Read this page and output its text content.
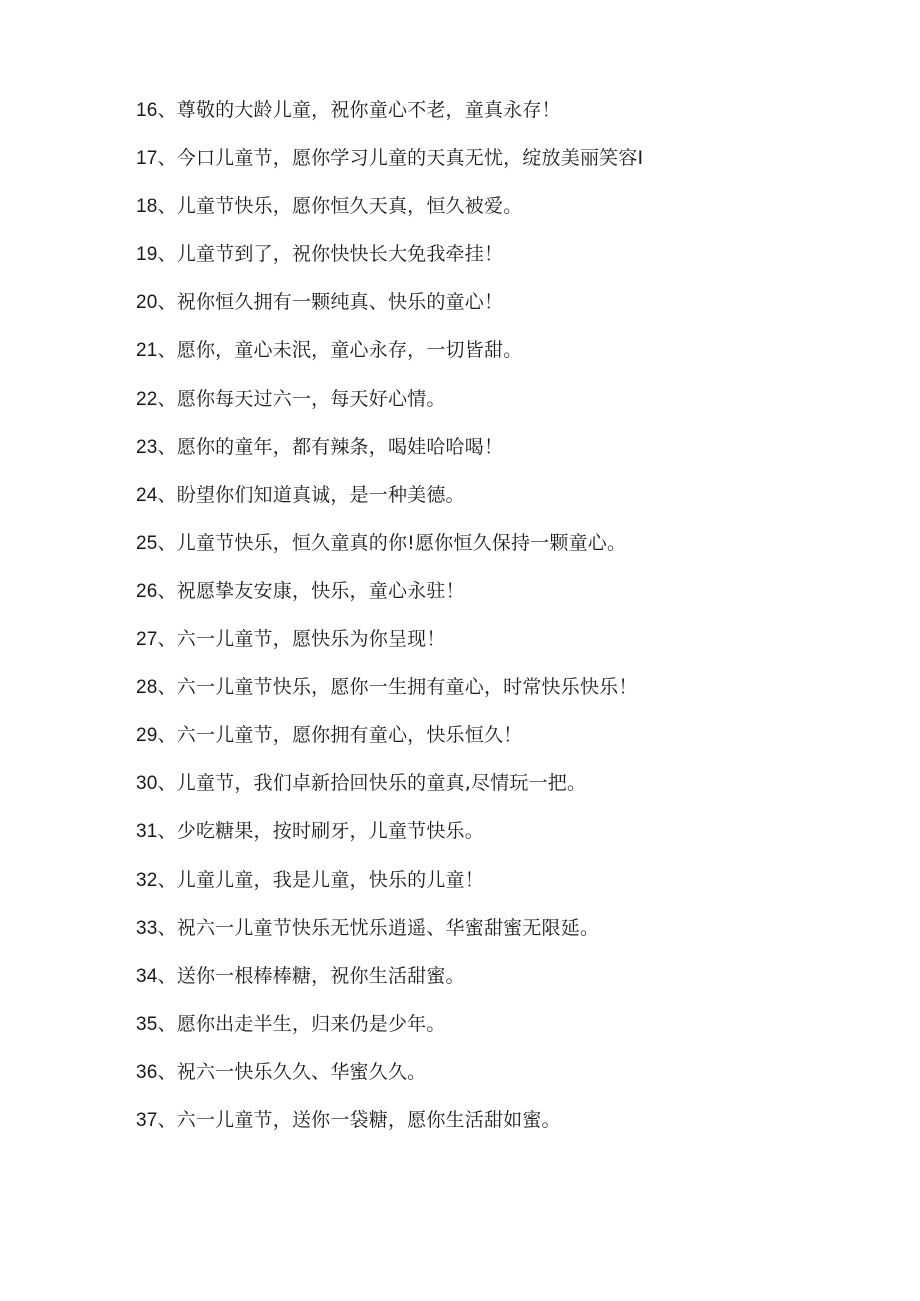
16、尊敬的大龄儿童，祝你童心不老，童真永存！
17、今口儿童节，愿你学习儿童的天真无忧，绽放美丽笑容I
18、儿童节快乐，愿你恒久天真，恒久被爱。
19、儿童节到了，祝你快快长大免我牵挂！
20、祝你恒久拥有一颗纯真、快乐的童心！
21、愿你，童心未泯，童心永存，一切皆甜。
22、愿你每天过六一，每天好心情。
23、愿你的童年，都有辣条，喝娃哈哈喝！
24、盼望你们知道真诚，是一种美德。
25、儿童节快乐，恒久童真的你!愿你恒久保持一颗童心。
26、祝愿挚友安康，快乐，童心永驻！
27、六一儿童节，愿快乐为你呈现！
28、六一儿童节快乐，愿你一生拥有童心，时常快乐快乐！
29、六一儿童节，愿你拥有童心，快乐恒久！
30、儿童节，我们卓新拾回快乐的童真,尽情玩一把。
31、少吃糖果，按时刷牙，儿童节快乐。
32、儿童儿童，我是儿童，快乐的儿童！
33、祝六一儿童节快乐无忧乐逍遥、华蜜甜蜜无限延。
34、送你一根棒棒糖，祝你生活甜蜜。
35、愿你出走半生，归来仍是少年。
36、祝六一快乐久久、华蜜久久。
37、六一儿童节，送你一袋糖，愿你生活甜如蜜。
